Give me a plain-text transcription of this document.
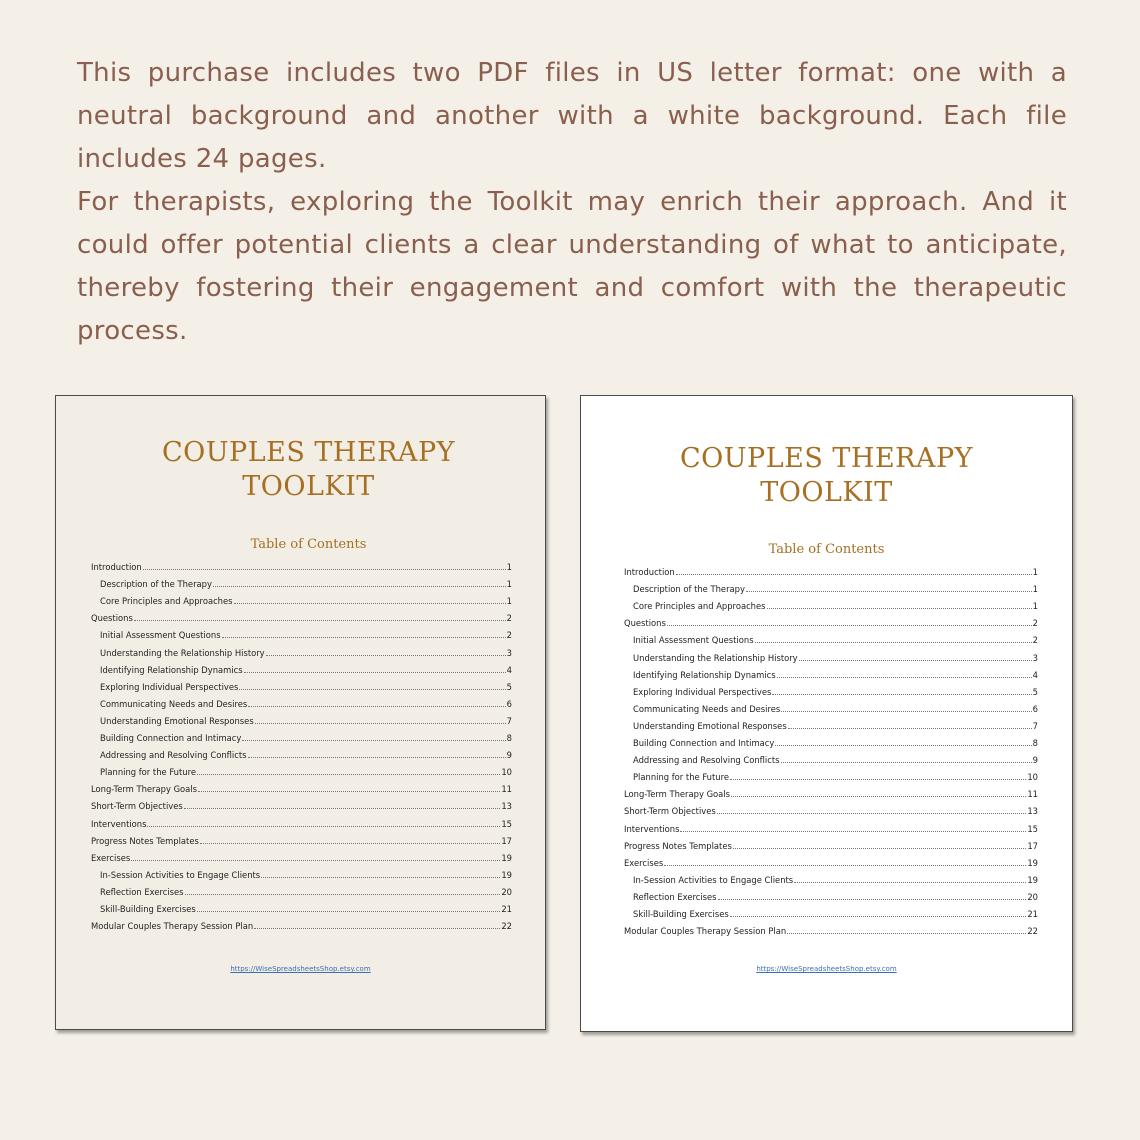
This purchase includes two PDF files in US letter format: one with a neutral background and another with a white background. Each file includes 24 pages.

For therapists, exploring the Toolkit may enrich their approach. And it could offer potential clients a clear understanding of what to anticipate, thereby fostering their engagement and comfort with the therapeutic process.

COUPLES THERAPY
TOOLKIT
Table of Contents
Introduction	1
Description of the Therapy	1
Core Principles and Approaches	1
Questions	2
Initial Assessment Questions	2
Understanding the Relationship History	3
Identifying Relationship Dynamics	4
Exploring Individual Perspectives	5
Communicating Needs and Desires	6
Understanding Emotional Responses	7
Building Connection and Intimacy	8
Addressing and Resolving Conflicts	9
Planning for the Future	10
Long-Term Therapy Goals	11
Short-Term Objectives	13
Interventions	15
Progress Notes Templates	17
Exercises	19
In-Session Activities to Engage Clients	19
Reflection Exercises	20
Skill-Building Exercises	21
Modular Couples Therapy Session Plan	22
https://WiseSpreadsheetsShop.etsy.com
COUPLES THERAPY
TOOLKIT
Table of Contents
Introduction	1
Description of the Therapy	1
Core Principles and Approaches	1
Questions	2
Initial Assessment Questions	2
Understanding the Relationship History	3
Identifying Relationship Dynamics	4
Exploring Individual Perspectives	5
Communicating Needs and Desires	6
Understanding Emotional Responses	7
Building Connection and Intimacy	8
Addressing and Resolving Conflicts	9
Planning for the Future	10
Long-Term Therapy Goals	11
Short-Term Objectives	13
Interventions	15
Progress Notes Templates	17
Exercises	19
In-Session Activities to Engage Clients	19
Reflection Exercises	20
Skill-Building Exercises	21
Modular Couples Therapy Session Plan	22
https://WiseSpreadsheetsShop.etsy.com
